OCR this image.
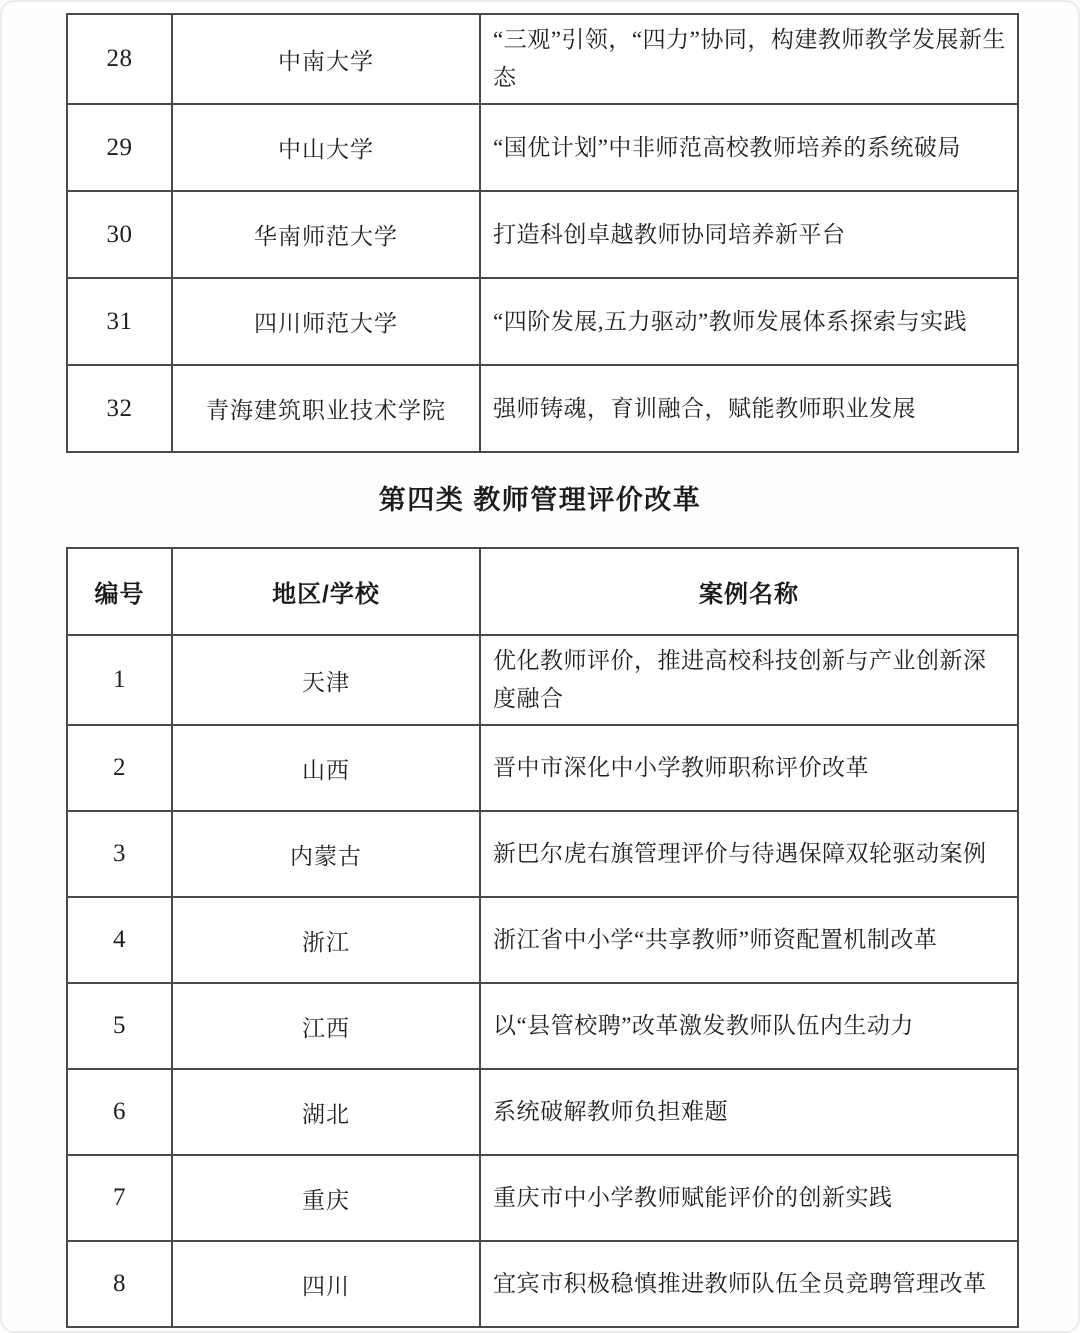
28	中南大学	“三观”引领，“四力”协同，构建教师教学发展新生态
29	中山大学	“国优计划”中非师范高校教师培养的系统破局
30	华南师范大学	打造科创卓越教师协同培养新平台
31	四川师范大学	“四阶发展,五力驱动”教师发展体系探索与实践
32	青海建筑职业技术学院	强师铸魂，育训融合，赋能教师职业发展
第四类 教师管理评价改革
编号	地区/学校	案例名称
1	天津	优化教师评价，推进高校科技创新与产业创新深度融合
2	山西	晋中市深化中小学教师职称评价改革
3	内蒙古	新巴尔虎右旗管理评价与待遇保障双轮驱动案例
4	浙江	浙江省中小学“共享教师”师资配置机制改革
5	江西	以“县管校聘”改革激发教师队伍内生动力
6	湖北	系统破解教师负担难题
7	重庆	重庆市中小学教师赋能评价的创新实践
8	四川	宜宾市积极稳慎推进教师队伍全员竞聘管理改革
